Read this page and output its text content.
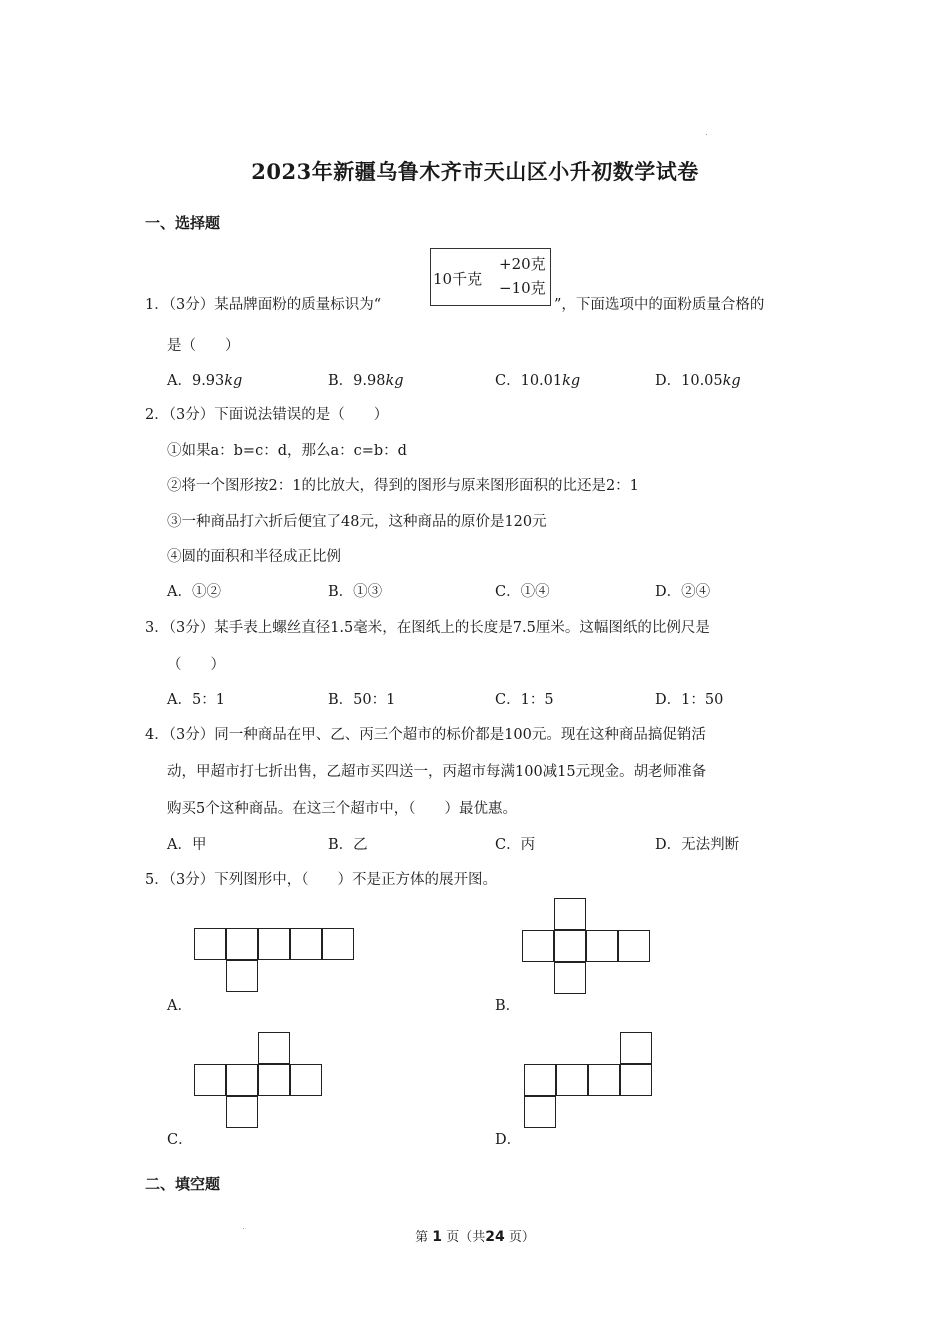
2023年新疆乌鲁木齐市天山区小升初数学试卷
一、选择题
1．（3分）某品牌面粉的质量标识为“
10千克
+20克
−10克
”，下面选项中的面粉质量合格的
是（　　）
A．9.93kg	B．9.98kg	C．10.01kg	D．10.05kg
2．（3分）下面说法错误的是（　　）
①如果a：b=c：d，那么a：c=b：d
②将一个图形按2：1的比放大，得到的图形与原来图形面积的比还是2：1
③一种商品打六折后便宜了48元，这种商品的原价是120元
④圆的面积和半径成正比例
A．①②	B．①③	C．①④	D．②④
3．（3分）某手表上螺丝直径1.5毫米，在图纸上的长度是7.5厘米。这幅图纸的比例尺是
（　　）
A．5：1	B．50：1	C．1：5	D．1：50
4．（3分）同一种商品在甲、乙、丙三个超市的标价都是100元。现在这种商品搞促销活
动，甲超市打七折出售，乙超市买四送一，丙超市每满100减15元现金。胡老师准备
购买5个这种商品。在这三个超市中，（　　）最优惠。
A．甲	B．乙	C．丙	D．无法判断
5．（3分）下列图形中，（　　）不是正方体的展开图。
A．	B．
C．	D．
二、填空题
第 1 页（共24 页）
